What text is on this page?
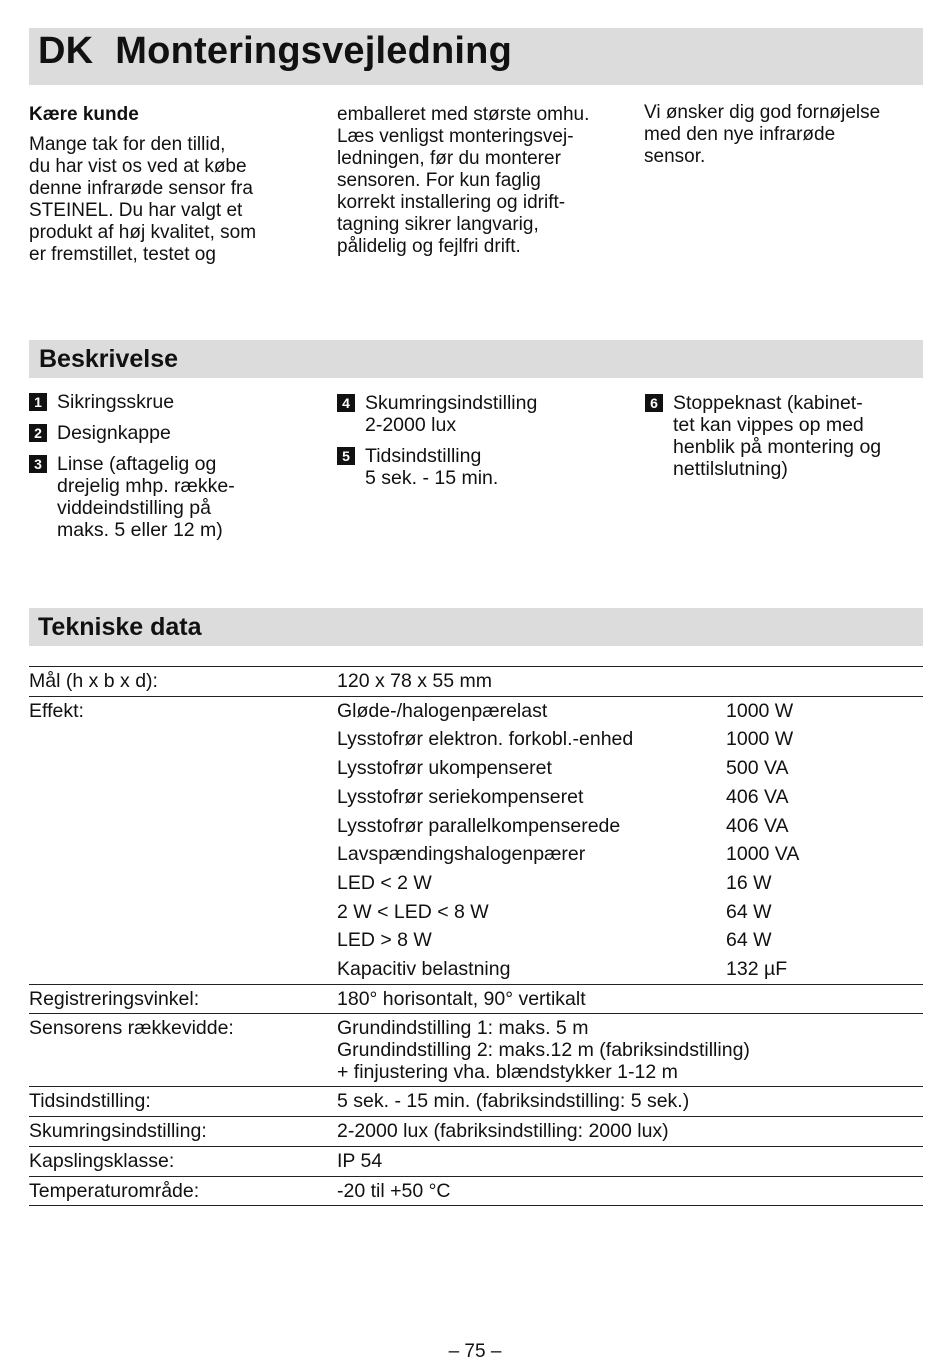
DK Monteringsvejledning

Kære kunde

Mange tak for den tillid,

du har vist os ved at købe

denne infrarøde sensor fra

STEINEL. Du har valgt et

produkt af høj kvalitet, som

er fremstillet, testet og

emballeret med største omhu.

Læs venligst monteringsvej-

ledningen, før du monterer

sensoren. For kun faglig

korrekt installering og idrift-

tagning sikrer langvarig,

pålidelig og fejlfri drift.

Vi ønsker dig god fornøjelse

med den nye infrarøde

sensor.

Beskrivelse
1 Sikringsskrue
2 Designkappe
3 Linse (aftagelig og
drejelig mhp. række-
viddeindstilling på
maks. 5 eller 12 m)
4 Skumringsindstilling
2-2000 lux
5 Tidsindstilling
5 sek. - 15 min.
6 Stoppeknast (kabinet-
tet kan vippes op med
henblik på montering og
nettilslutning)
Tekniske data
Mål (h x b x d):	120 x 78 x 55 mm	
Effekt:	Gløde-/halogenpærelast	1000 W
	Lysstofrør elektron. forkobl.-enhed	1000 W
	Lysstofrør ukompenseret	500 VA
	Lysstofrør seriekompenseret	406 VA
	Lysstofrør parallelkompenserede	406 VA
	Lavspændingshalogenpærer	1000 VA
	LED < 2 W	16 W
	2 W < LED < 8 W	64 W
	LED > 8 W	64 W
	Kapacitiv belastning	132 µF
Registreringsvinkel:	180° horisontalt, 90° vertikalt	
Sensorens rækkevidde:	Grundindstilling 1: maks. 5 m
Grundindstilling 2: maks.12 m (fabriksindstilling)
+ finjustering vha. blændstykker 1-12 m	

Tidsindstilling:	5 sek. - 15 min. (fabriksindstilling: 5 sek.)	
Skumringsindstilling:	2-2000 lux (fabriksindstilling: 2000 lux)	
Kapslingsklasse:	IP 54	
Temperaturområde:	-20 til +50 °C	
– 75 –
